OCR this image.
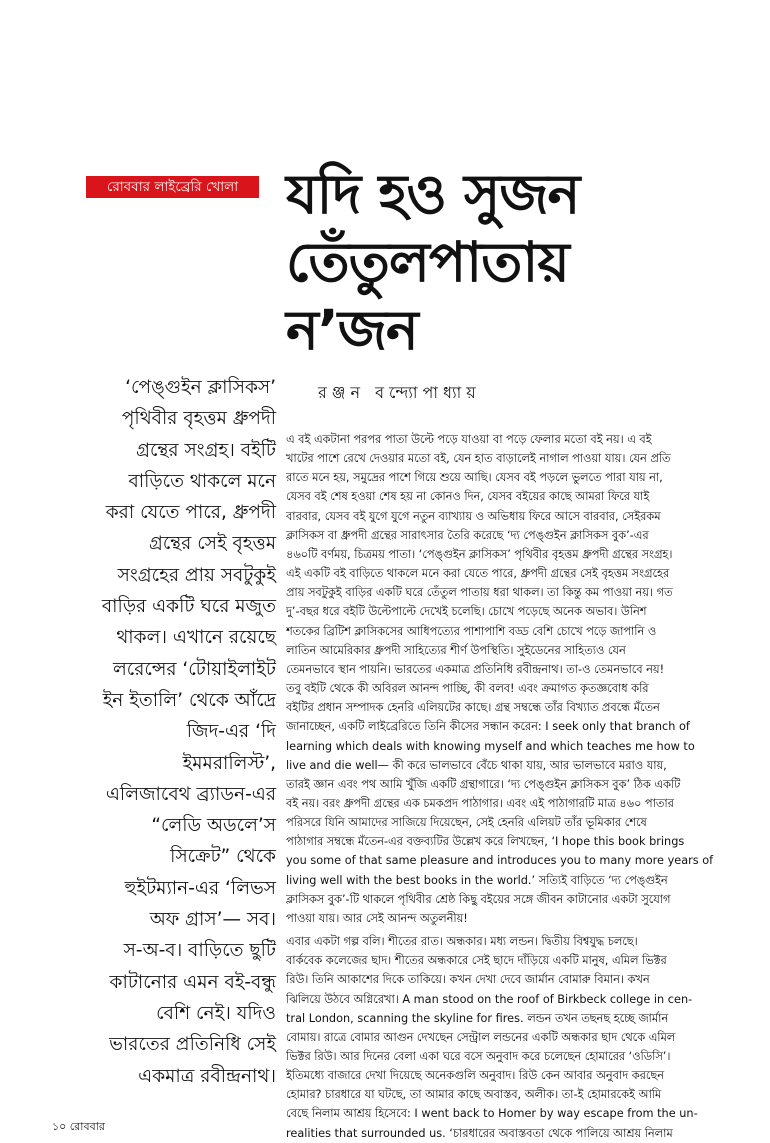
রোববার লাইব্রেরি খোলা যদি হও সুজন
তেঁতুলপাতায়
ন’জন
রঞ্জন বন্দ্যোপাধ্যায়
‘পেঙ্গুইন ক্লাসিকস’
পৃথিবীর বৃহত্তম ধ্রুপদী
গ্রন্থের সংগ্রহ। বইটি
বাড়িতে থাকলে মনে
করা যেতে পারে, ধ্রুপদী
গ্রন্থের সেই বৃহত্তম
সংগ্রহের প্রায় সবটুকুই
বাড়ির একটি ঘরে মজুত
থাকল। এখানে রয়েছে
লরেন্সের ‘টোয়াইলাইট
ইন ইতালি’ থেকে আঁদ্রে
জিদ-এর ‘দি
ইমমরালিস্ট’,
এলিজাবেথ ব্র্যাডন-এর
“লেডি অডলে’স
সিক্রেট” থেকে
হুইটম্যান-এর ‘লিভস
অফ গ্রাস’— সব।
স-অ-ব। বাড়িতে ছুটি
কাটানোর এমন বই-বন্ধু
বেশি নেই। যদিও
ভারতের প্রতিনিধি সেই
একমাত্র রবীন্দ্রনাথ।
এ বই একটানা পরপর পাতা উল্টে পড়ে যাওয়া বা পড়ে ফেলার মতো বই নয়। এ বই
খাটের পাশে রেখে দেওয়ার মতো বই, যেন হাত বাড়ালেই নাগাল পাওয়া যায়। যেন প্রতি
রাতে মনে হয়, সমুদ্রের পাশে গিয়ে শুয়ে আছি। যেসব বই পড়লে ভুলতে পারা যায় না,
যেসব বই শেষ হওয়া শেষ হয় না কোনও দিন, যেসব বইয়ের কাছে আমরা ফিরে যাই
বারবার, যেসব বই যুগে যুগে নতুন ব্যাখ্যায় ও অভিধায় ফিরে আসে বারবার, সেইরকম
ক্লাসিকস বা ধ্রুপদী গ্রন্থের সারাৎসার তৈরি করেছে ‘দ্য পেঙ্গুইন ক্লাসিকস বুক’-এর
৪৬০টি বর্ণময়, চিত্রময় পাতা। ‘পেঙ্গুইন ক্লাসিকস’ পৃথিবীর বৃহত্তম ধ্রুপদী গ্রন্থের সংগ্রহ।
এই একটি বই বাড়িতে থাকলে মনে করা যেতে পারে, ধ্রুপদী গ্রন্থের সেই বৃহত্তম সংগ্রহের
প্রায় সবটুকুই বাড়ির একটি ঘরে তেঁতুল পাতায় ধরা থাকল। তা কিন্তু কম পাওয়া নয়। গত
দু’-বছর ধরে বইটি উল্টেপাল্টে দেখেই চলেছি। চোখে পড়েছে অনেক অভাব। উনিশ
শতকের ব্রিটিশ ক্লাসিকসের আধিপত্যের পাশাপাশি বড্ড বেশি চোখে পড়ে জাপানি ও
লাতিন আমেরিকার ধ্রুপদী সাহিত্যের শীর্ণ উপস্থিতি। সুইডেনের সাহিত্যও যেন
তেমনভাবে স্থান পায়নি। ভারতের একমাত্র প্রতিনিধি রবীন্দ্রনাথ। তা-ও তেমনভাবে নয়!
তবু বইটি থেকে কী অবিরল আনন্দ পাচ্ছি, কী বলব! এবং ক্রমাগত কৃতজ্ঞবোধ করি
বইটির প্রধান সম্পাদক হেনরি এলিয়টের কাছে। গ্রন্থ সম্বন্ধে তাঁর বিখ্যাত প্রবন্ধে মঁতেন
জানাচ্ছেন, একটি লাইব্রেরিতে তিনি কীসের সন্ধান করেন: I seek only that branch of
learning which deals with knowing myself and which teaches me how to
live and die well— কী করে ভালভাবে বেঁচে থাকা যায়, আর ভালভাবে মরাও যায়,
তারই জ্ঞান এবং পথ আমি খুঁজি একটি গ্রন্থাগারে। ‘দ্য পেঙ্গুইন ক্লাসিকস বুক’ ঠিক একটি
বই নয়। বরং ধ্রুপদী গ্রন্থের এক চমকপ্রদ পাঠাগার। এবং এই পাঠাগারটি মাত্র ৪৬০ পাতার
পরিসরে যিনি আমাদের সাজিয়ে দিয়েছেন, সেই হেনরি এলিয়ট তাঁর ভূমিকার শেষে
পাঠাগার সম্বন্ধে মঁতেন-এর বক্তব্যটির উল্লেখ করে লিখছেন, ‘I hope this book brings
you some of that same pleasure and introduces you to many more years of
living well with the best books in the world.’ সত্যিই বাড়িতে ‘দ্য পেঙ্গুইন
ক্লাসিকস বুক’-টি থাকলে পৃথিবীর শ্রেষ্ঠ কিছু বইয়ের সঙ্গে জীবন কাটানোর একটা সুযোগ
পাওয়া যায়। আর সেই আনন্দ অতুলনীয়!
এবার একটা গল্প বলি। শীতের রাত। অন্ধকার। মধ্য লন্ডন। দ্বিতীয় বিশ্বযুদ্ধ চলছে।
বার্কবেক কলেজের ছাদ। শীতের অন্ধকারে সেই ছাদে দাঁড়িয়ে একটি মানুষ, এমিল ভিক্টর
রিউ। তিনি আকাশের দিকে তাকিয়ে। কখন দেখা দেবে জার্মান বোমারু বিমান। কখন
ঝিলিয়ে উঠবে অগ্নিরেখা। A man stood on the roof of Birkbeck college in cen-
tral London, scanning the skyline for fires. লন্ডন তখন তছনছ হচ্ছে জার্মান
বোমায়। রাত্রে বোমার আগুন দেখছেন সেন্ট্রাল লন্ডনের একটি অন্ধকার ছাদ থেকে এমিল
ভিক্টর রিউ। আর দিনের বেলা একা ঘরে বসে অনুবাদ করে চলেছেন হোমারের ‘ওডিসি’।
ইতিমধ্যে বাজারে দেখা দিয়েছে অনেকগুলি অনুবাদ। রিউ কেন আবার অনুবাদ করছেন
হোমার? চারধারে যা ঘটছে, তা আমার কাছে অবাস্তব, অলীক। তা-ই হোমারকেই আমি
বেছে নিলাম আশ্রয় হিসেবে: I went back to Homer by way escape from the un-
realities that surrounded us. ‘চারধারের অবাস্তবতা থেকে পালিয়ে আশ্রয় নিলাম
১০ রোববার
